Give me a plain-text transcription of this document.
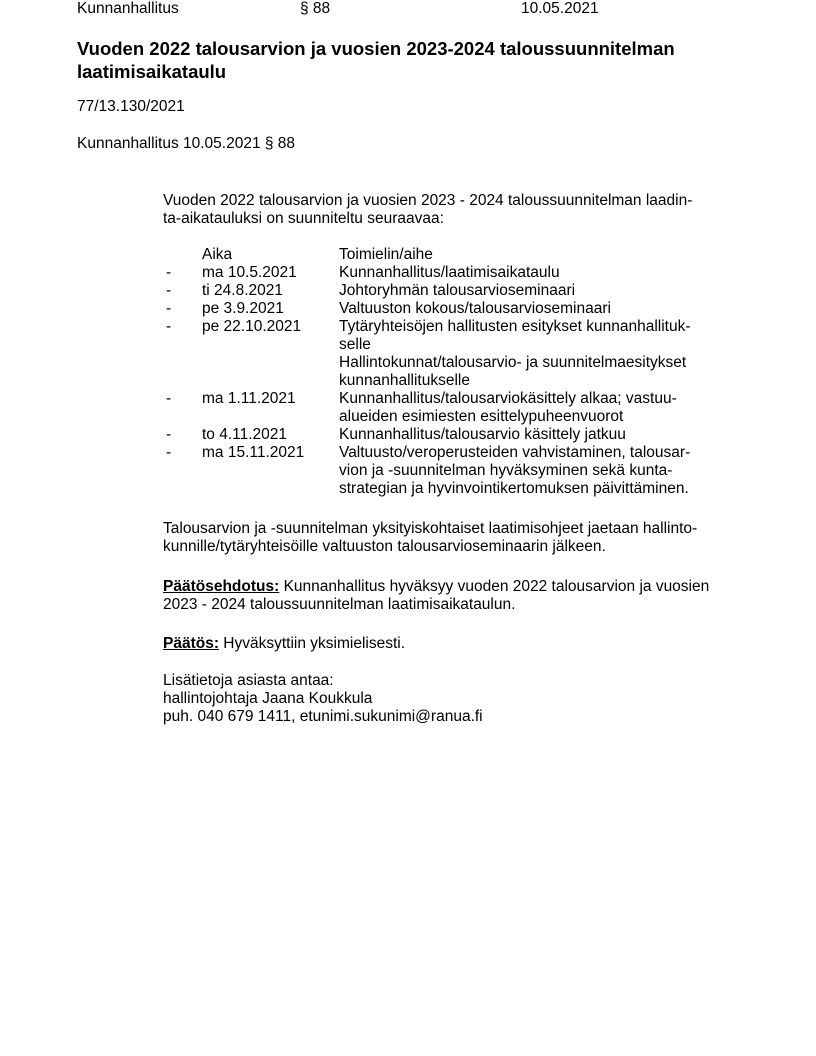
Kunnanhallitus	§ 88	10.05.2021
Vuoden 2022 talousarvion ja vuosien 2023-2024 taloussuunnitelman
laatimisaikataulu
77/13.130/2021
Kunnanhallitus 10.05.2021 § 88
Vuoden 2022 talousarvion ja vuosien 2023 - 2024 taloussuunnitelman laadin-
ta-aikatauluksi on suunniteltu seuraavaa:
Aika	Toimielin/aihe
- ma 10.5.2021	Kunnanhallitus/laatimisaikataulu
- ti 24.8.2021	Johtoryhmän talousarvioseminaari
- pe 3.9.2021	Valtuuston kokous/talousarvioseminaari
- pe 22.10.2021 Tytäryhteisöjen hallitusten esitykset kunnanhallituk-
selle
Hallintokunnat/talousarvio- ja suunnitelmaesitykset
kunnanhallitukselle
- ma 1.11.2021	Kunnanhallitus/talousarviokäsittely alkaa; vastuu-
alueiden esimiesten esittelypuheenvuorot
- to 4.11.2021	Kunnanhallitus/talousarvio käsittely jatkuu
- ma 15.11.2021 Valtuusto/veroperusteiden vahvistaminen, talousar-
vion ja -suunnitelman hyväksyminen sekä kunta-
strategian ja hyvinvointikertomuksen päivittäminen.
Talousarvion ja -suunnitelman yksityiskohtaiset laatimisohjeet jaetaan hallinto-
kunnille/tytäryhteisöille valtuuston talousarvioseminaarin jälkeen.
Päätösehdotus: Kunnanhallitus hyväksyy vuoden 2022 talousarvion ja vuosien
2023 - 2024 taloussuunnitelman laatimisaikataulun.
Päätös: Hyväksyttiin yksimielisesti.
Lisätietoja asiasta antaa:
hallintojohtaja Jaana Koukkula
puh. 040 679 1411, etunimi.sukunimi@ranua.fi
